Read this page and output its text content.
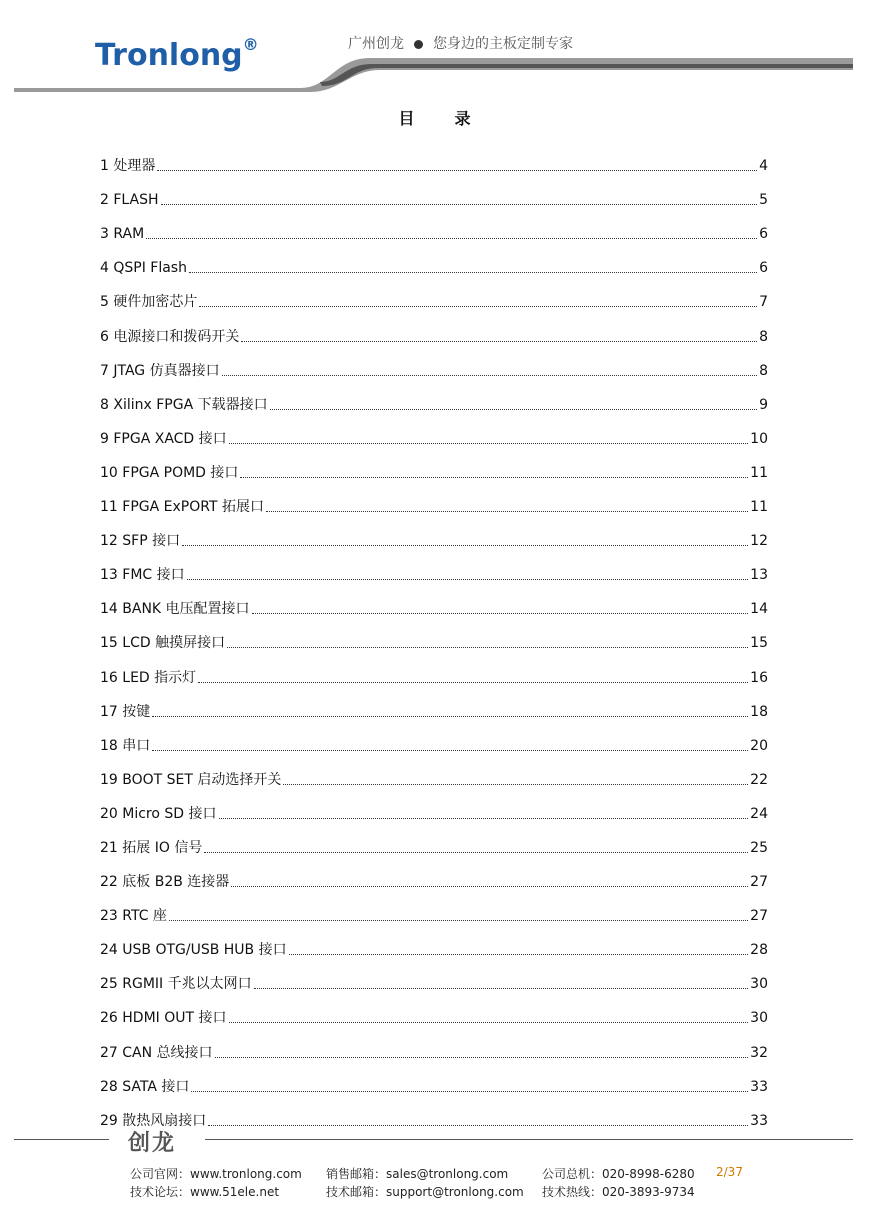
Tronlong®	广州创龙 您身边的主板定制专家

目录
1 处理器	4
2 FLASH	5
3 RAM	6
4 QSPI Flash	6
5 硬件加密芯片	7
6 电源接口和拨码开关	8
7 JTAG 仿真器接口	8
8 Xilinx FPGA 下载器接口	9
9 FPGA XACD 接口	10
10 FPGA POMD 接口	11
11 FPGA ExPORT 拓展口	11
12 SFP 接口	12
13 FMC 接口	13
14 BANK 电压配置接口	14
15 LCD 触摸屏接口	15
16 LED 指示灯	16
17 按键	18
18 串口	20
19 BOOT SET 启动选择开关	22
20 Micro SD 接口	24
21 拓展 IO 信号	25
22 底板 B2B 连接器	27
23 RTC 座	27
24 USB OTG/USB HUB 接口	28
25 RGMII 千兆以太网口	30
26 HDMI OUT 接口	30
27 CAN 总线接口	32
28 SATA 接口	33
29 散热风扇接口	33
创龙
公司官网：www.tronlong.com
技术论坛：www.51ele.net
销售邮箱：sales@tronlong.com
技术邮箱：support@tronlong.com
公司总机：020-8998-6280
技术热线：020-3893-9734
2/37
